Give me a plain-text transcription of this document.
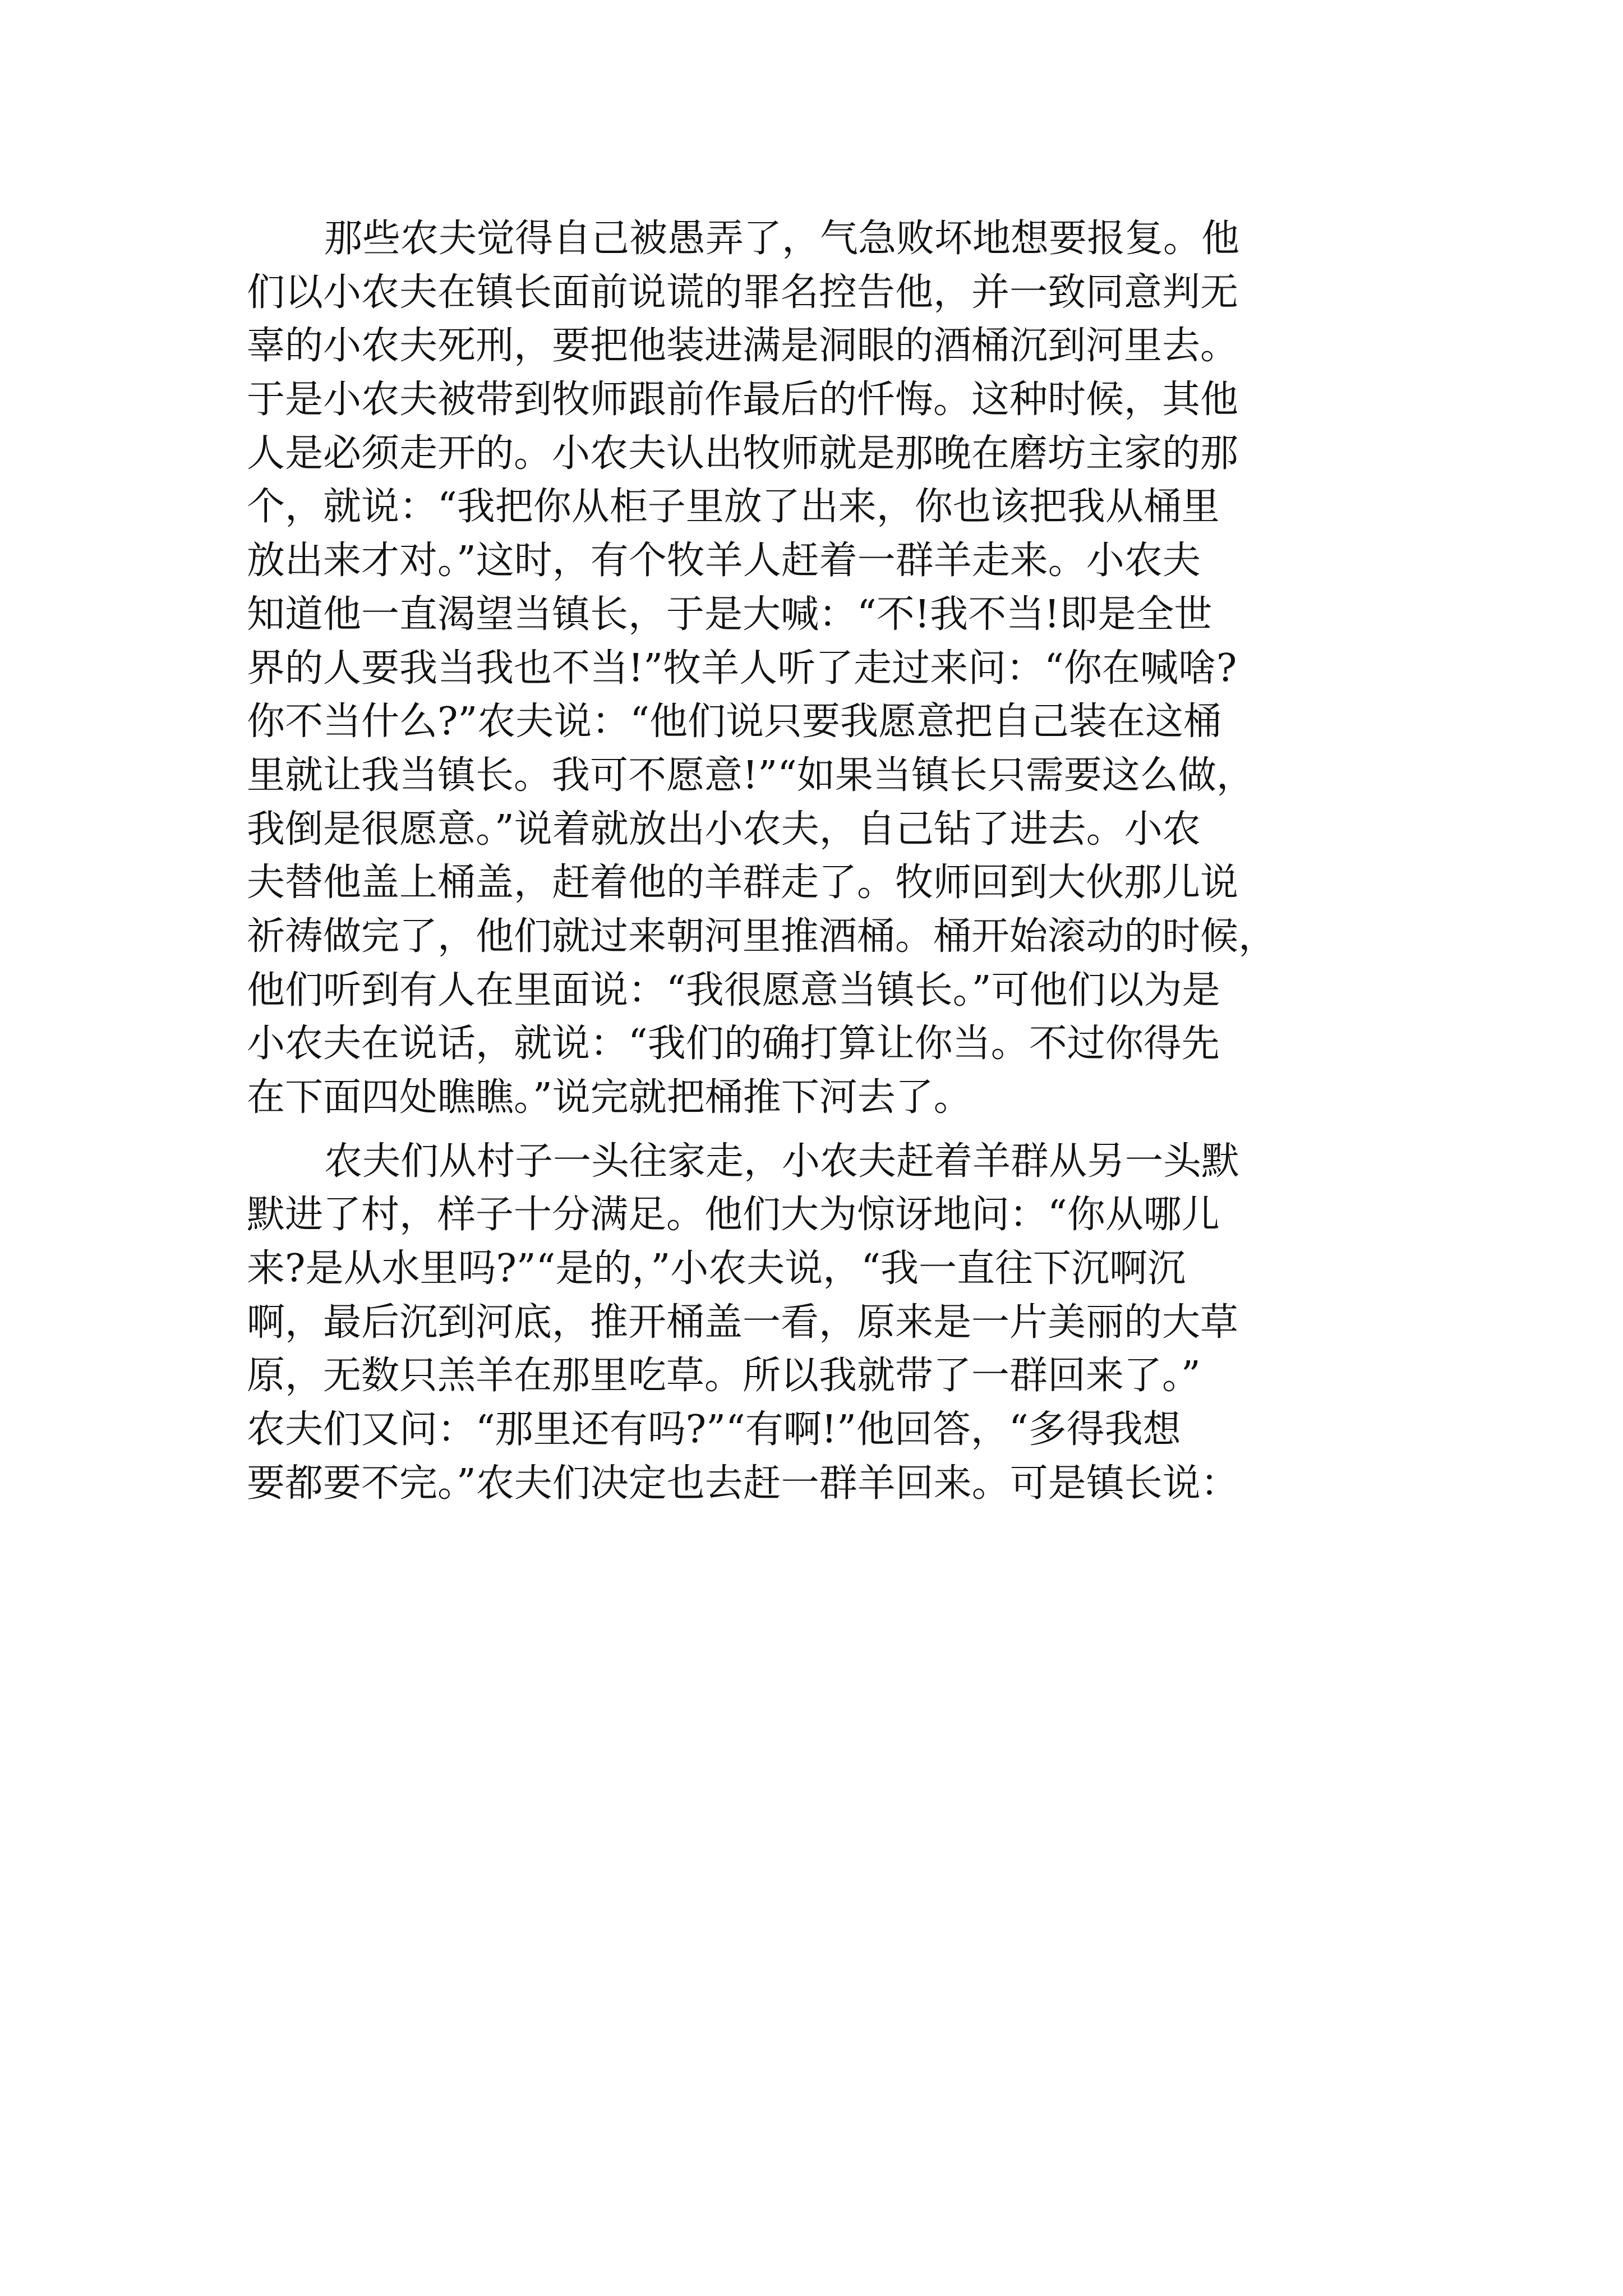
那些农夫觉得自己被愚弄了，气急败坏地想要报复。他
们以小农夫在镇长面前说谎的罪名控告他，并一致同意判无
辜的小农夫死刑，要把他装进满是洞眼的酒桶沉到河里去。
于是小农夫被带到牧师跟前作最后的忏悔。这种时候，其他
人是必须走开的。小农夫认出牧师就是那晚在磨坊主家的那
个，就说：“我把你从柜子里放了出来，你也该把我从桶里
放出来才对。”这时，有个牧羊人赶着一群羊走来。小农夫
知道他一直渴望当镇长，于是大喊：“不!我不当!即是全世
界的人要我当我也不当!”牧羊人听了走过来问：“你在喊啥?
你不当什么?”农夫说：“他们说只要我愿意把自己装在这桶
里就让我当镇长。我可不愿意!”“如果当镇长只需要这么做，
我倒是很愿意。”说着就放出小农夫，自己钻了进去。小农
夫替他盖上桶盖，赶着他的羊群走了。牧师回到大伙那儿说
祈祷做完了，他们就过来朝河里推酒桶。桶开始滚动的时候，
他们听到有人在里面说：“我很愿意当镇长。”可他们以为是
小农夫在说话，就说：“我们的确打算让你当。不过你得先
在下面四处瞧瞧。”说完就把桶推下河去了。
农夫们从村子一头往家走，小农夫赶着羊群从另一头默
默进了村，样子十分满足。他们大为惊讶地问：“你从哪儿
来?是从水里吗?”“是的，”小农夫说，“我一直往下沉啊沉
啊，最后沉到河底，推开桶盖一看，原来是一片美丽的大草
原，无数只羔羊在那里吃草。所以我就带了一群回来了。”
农夫们又问：“那里还有吗?”“有啊!”他回答，“多得我想
要都要不完。”农夫们决定也去赶一群羊回来。可是镇长说：
